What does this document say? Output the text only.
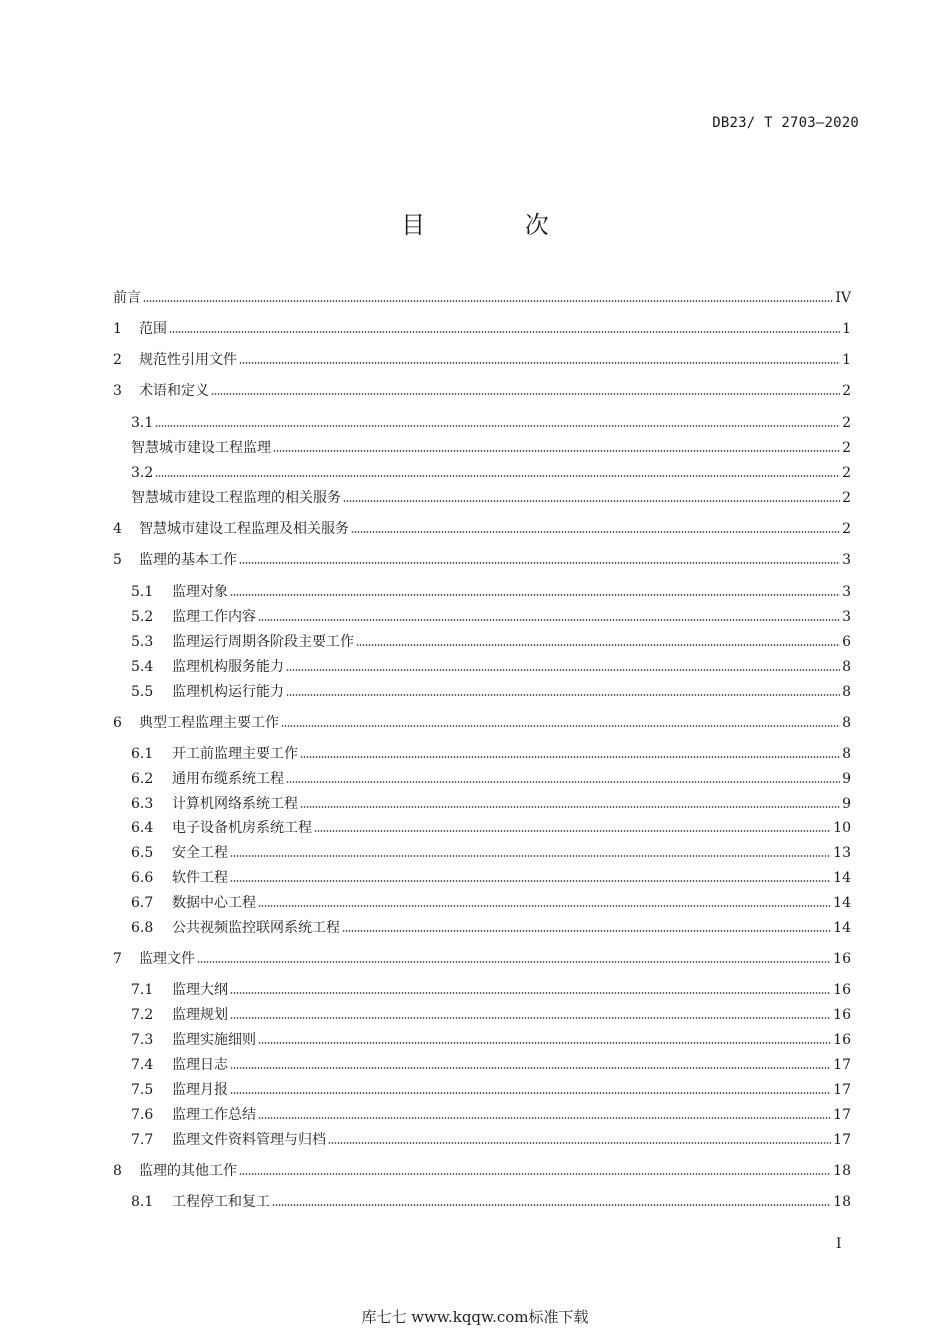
DB23/ T 2703—2020
目 次
前言	IV
1	范围	1
2	规范性引用文件	1
3	术语和定义	2
3.1	2
智慧城市建设工程监理	2
3.2	2
智慧城市建设工程监理的相关服务	2
4	智慧城市建设工程监理及相关服务	2
5	监理的基本工作	3
5.1	监理对象	3
5.2	监理工作内容	3
5.3	监理运行周期各阶段主要工作	6
5.4	监理机构服务能力	8
5.5	监理机构运行能力	8
6	典型工程监理主要工作	8
6.1	开工前监理主要工作	8
6.2	通用布缆系统工程	9
6.3	计算机网络系统工程	9
6.4	电子设备机房系统工程	10
6.5	安全工程	13
6.6	软件工程	14
6.7	数据中心工程	14
6.8	公共视频监控联网系统工程	14
7	监理文件	16
7.1	监理大纲	16
7.2	监理规划	16
7.3	监理实施细则	16
7.4	监理日志	17
7.5	监理月报	17
7.6	监理工作总结	17
7.7	监理文件资料管理与归档	17
8	监理的其他工作	18
8.1	工程停工和复工	18
I
库七七 www.kqqw.com标准下载
